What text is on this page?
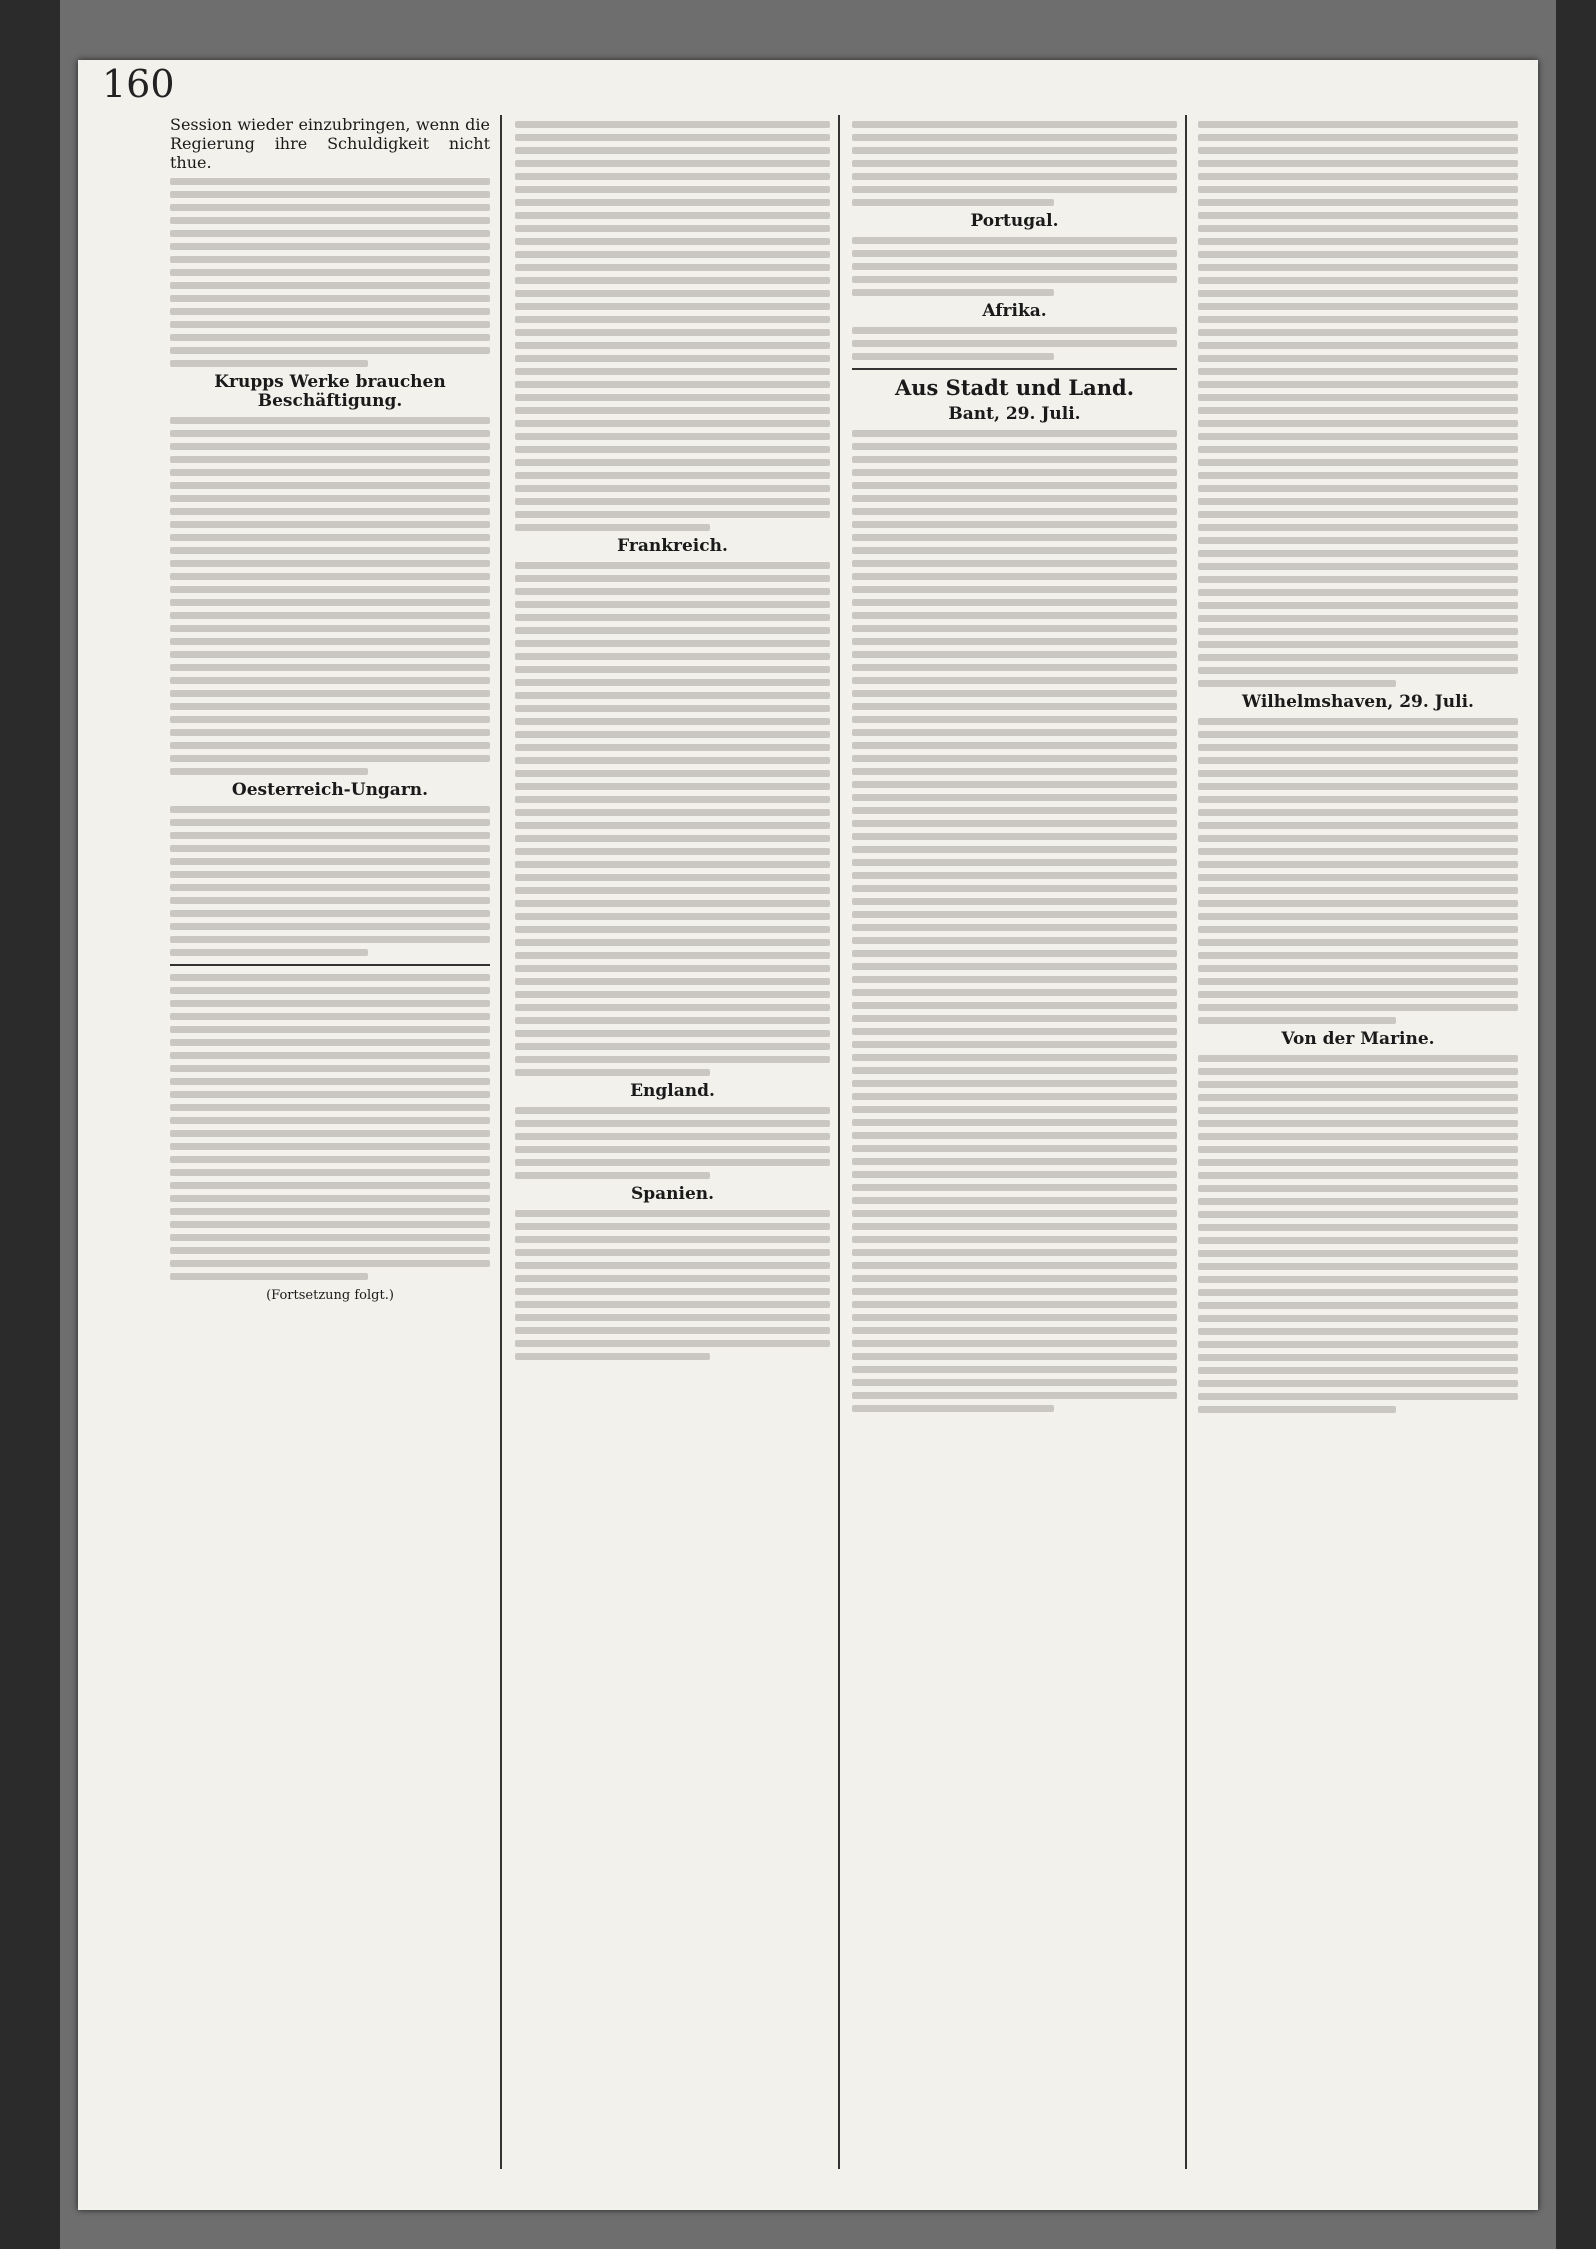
160
Session wieder einzubringen, wenn die Regierung ihre Schuldigkeit nicht thue.
Krupps Werke brauchen Beschäftigung.
Oesterreich-Ungarn.
(Fortsetzung folgt.)
Frankreich.
England.
Spanien.
Portugal.
Afrika.
Aus Stadt und Land.
Bant, 29. Juli.
Wilhelmshaven, 29. Juli.
Von der Marine.
